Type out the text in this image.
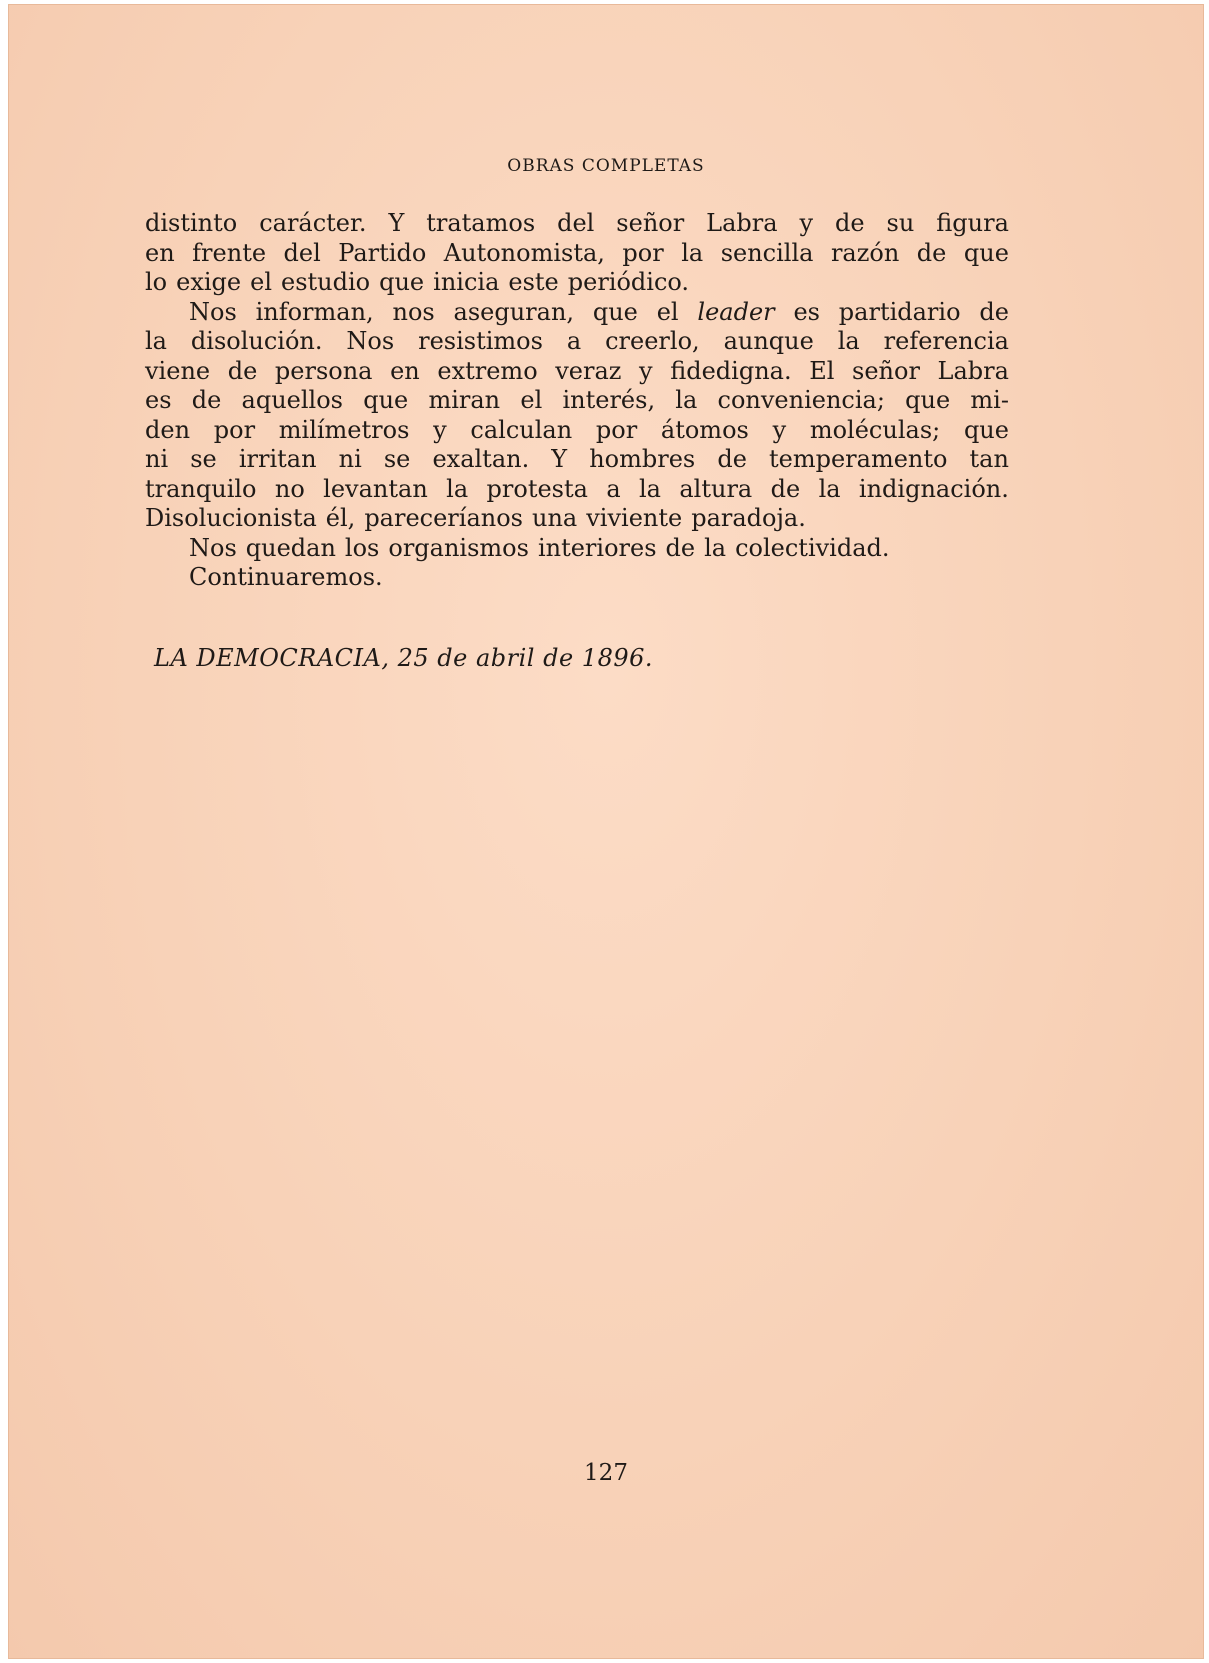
OBRAS COMPLETAS
distinto carácter. Y tratamos del señor Labra y de su figura
en frente del Partido Autonomista, por la sencilla razón de que
lo exige el estudio que inicia este periódico.
Nos informan, nos aseguran, que el leader es partidario de
la disolución. Nos resistimos a creerlo, aunque la referencia
viene de persona en extremo veraz y fidedigna. El señor Labra
es de aquellos que miran el interés, la conveniencia; que mi-
den por milímetros y calculan por átomos y moléculas; que
ni se irritan ni se exaltan. Y hombres de temperamento tan
tranquilo no levantan la protesta a la altura de la indignación.
Disolucionista él, pareceríanos una viviente paradoja.
Nos quedan los organismos interiores de la colectividad.
Continuaremos.
LA DEMOCRACIA, 25 de abril de 1896.
127
